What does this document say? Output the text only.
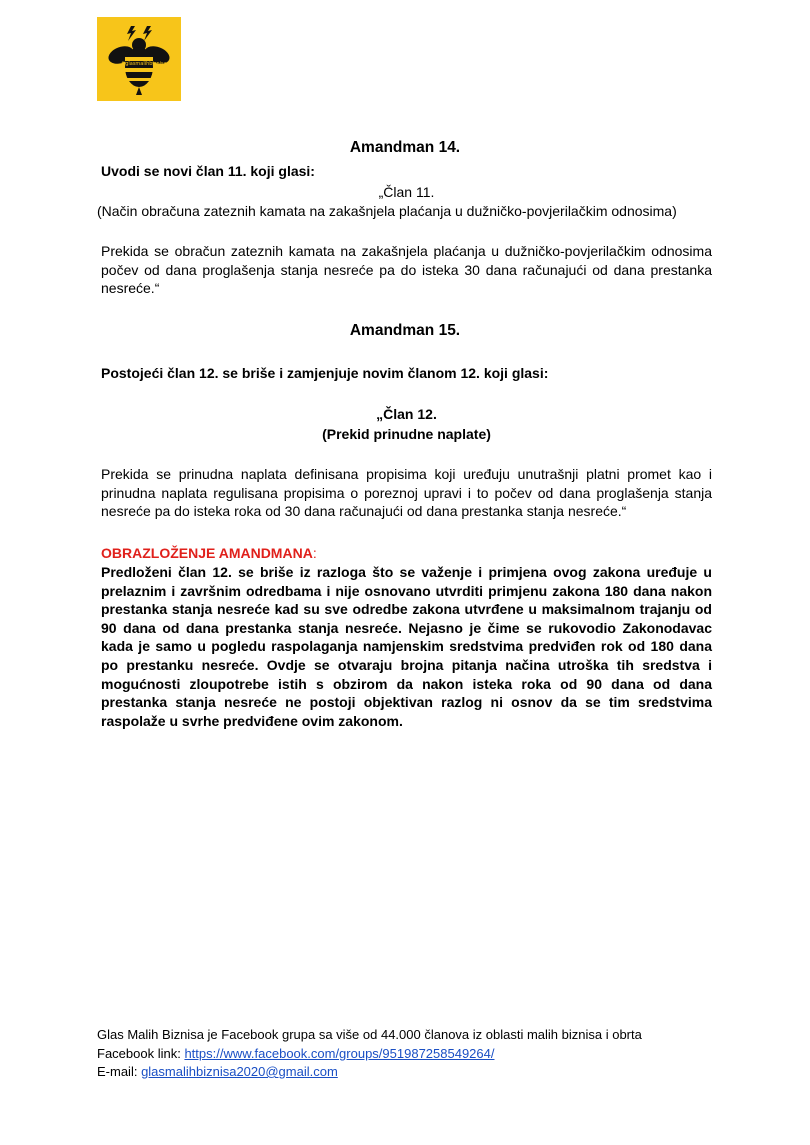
#glasmalihbiznisa
Amandman 14.
Uvodi se novi član 11. koji glasi:
„Član 11.
(Način obračuna zateznih kamata na zakašnjela plaćanja u dužničko-povjerilačkim odnosima)
Prekida se obračun zateznih kamata na zakašnjela plaćanja u dužničko-povjerilačkim odnosima počev od dana proglašenja stanja nesreće pa do isteka 30 dana računajući od dana prestanka nesreće.“
Amandman 15.
Postojeći član 12. se briše i zamjenjuje novim članom 12. koji glasi:
„Član 12.
(Prekid prinudne naplate)
Prekida se prinudna naplata definisana propisima koji uređuju unutrašnji platni promet kao i prinudna naplata regulisana propisima o poreznoj upravi i to počev od dana proglašenja stanja nesreće pa do isteka roka od 30 dana računajući od dana prestanka stanja nesreće.“
OBRAZLOŽENJE AMANDMANA:
Predloženi član 12. se briše iz razloga što se važenje i primjena ovog zakona uređuje u prelaznim i završnim odredbama i nije osnovano utvrditi primjenu zakona 180 dana nakon prestanka stanja nesreće kad su sve odredbe zakona utvrđene u maksimalnom trajanju od 90 dana od dana prestanka stanja nesreće. Nejasno je čime se rukovodio Zakonodavac kada je samo u pogledu raspolaganja namjenskim sredstvima predviđen rok od 180 dana po prestanku nesreće. Ovdje se otvaraju brojna pitanja načina utroška tih sredstva i mogućnosti zloupotrebe istih s obzirom da nakon isteka roka od 90 dana od dana prestanka stanja nesreće ne postoji objektivan razlog ni osnov da se tim sredstvima raspolaže u svrhe predviđene ovim zakonom.
Glas Malih Biznisa je Facebook grupa sa više od 44.000 članova iz oblasti malih biznisa i obrta
Facebook link: https://www.facebook.com/groups/951987258549264/
E-mail: glasmalihbiznisa2020@gmail.com
